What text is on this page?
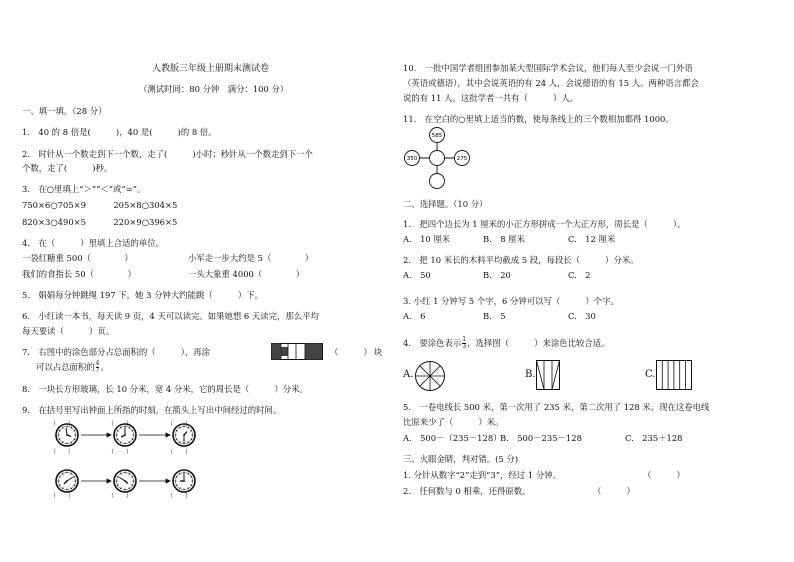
人教版三年级上册期末测试卷
（测试时间：80 分钟　满分：100 分）
一、填一填。（28 分）
1.　40 的 8 倍是(　　　)，40 是(　　　)的 8 倍。
2.　时针从一个数走到下一个数，走了(　　　)小时；秒针从一个数走到下一个
个数，走了(　　　)秒。
3.　在○里填上“＞”“＜”或“=”。
750×6○705×9	205×8○304×5
820×3○490×5	220×9○396×5
4.　在（　　　）里填上合适的单位。
一袋红糖重 500（　　　　）	小军走一步大约是 5（　　　　）
我们的食指长 50（　　　　）	一头大象重 4000（　　　　）
5.　娟娟每分钟跳绳 197 下，她 3 分钟大约能跳（　　　）下。
6.　小红读一本书，每天读 9 页，4 天可以读完。如果她想 6 天读完，那么平均
每天要读（　　　）页。
7.　右图中的涂色部分占总面积的（　　　），再涂	（　　　） 块
可以占总面积的 $\frac{4}{7}$ 。
8.　一块长方形玻璃，长 10 分米，宽 4 分米，它的周长是（　　　）分米。
9.　在括号里写出钟面上所指的时刻，在箭头上写出中间经过的时间。
（　　）	（　　）	（　　）
（　　）	（　　）	（　　）
（　　）	（　　）	（　　）
10.　一批中国学者组团参加某大型国际学术会议，他们每人至少会说一门外语
（英语或德语），其中会说英语的有 24 人，会说德语的有 15 人。两种语言都会
说的有 11 人。这批学者一共有（　　　）人。
11.　在空白的○里填上适当的数，使每条线上的三个数相加都得 1000。
585
350	275
二、选择题。（10 分）
1.　把四个边长为 1 厘米的小正方形拼成一个大正方形，周长是（　　　）。
A.　10 厘米	B.　8 厘米	C.　12 厘米
2.　把 10 米长的木料平均截成 5 段，每段长（　　　）分米。
A.　50	B.　20	C.　2
3. 小红 1 分钟写 5 个字，6 分钟可以写（　　　）个字。
A.　6	B.　5	C.　30
4.　要涂色表示 $\frac{1}{3}$ ，选择图（　　　）来涂色比较合适。
A.	B.	C.
5.　一卷电线长 500 米，第一次用了 235 米，第二次用了 128 米。现在这卷电线
比原来少了（　　　）米。
A.　500－（235－128）
B.　500－235－128	C.　235＋128
三、火眼金睛，判对错。(5 分)
1. 分针从数字“2”走到“3”，经过 1 分钟。	（　　　）
2.　任何数与 0 相乘，还得原数。	（　　　）
